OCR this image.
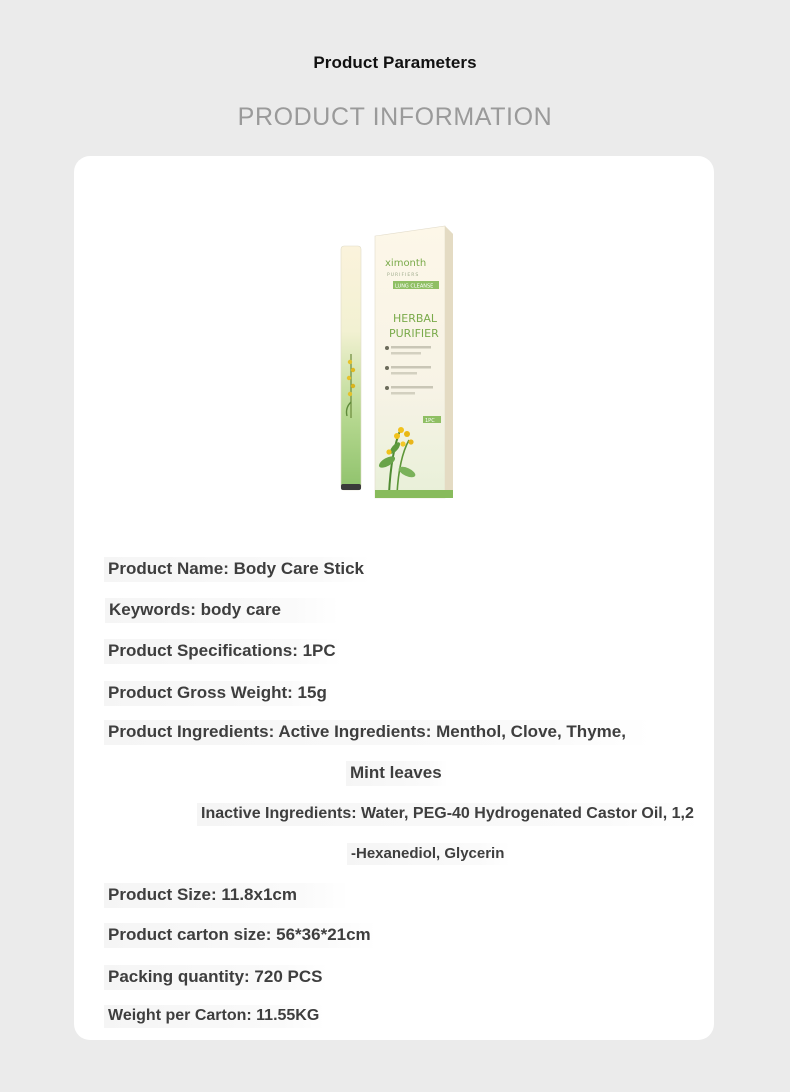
Product Parameters
PRODUCT INFORMATION
ximonth
PURIFIERS
LUNG CLEANSE
HERBAL
PURIFIER
1PC
Product Name: Body Care Stick
Keywords: body care
Product Specifications: 1PC
Product Gross Weight: 15g
Product Ingredients: Active Ingredients: Menthol, Clove, Thyme,
Mint leaves
Inactive Ingredients: Water, PEG-40 Hydrogenated Castor Oil, 1,2
-Hexanediol, Glycerin
Product Size: 11.8x1cm
Product carton size: 56*36*21cm
Packing quantity: 720 PCS
Weight per Carton: 11.55KG
